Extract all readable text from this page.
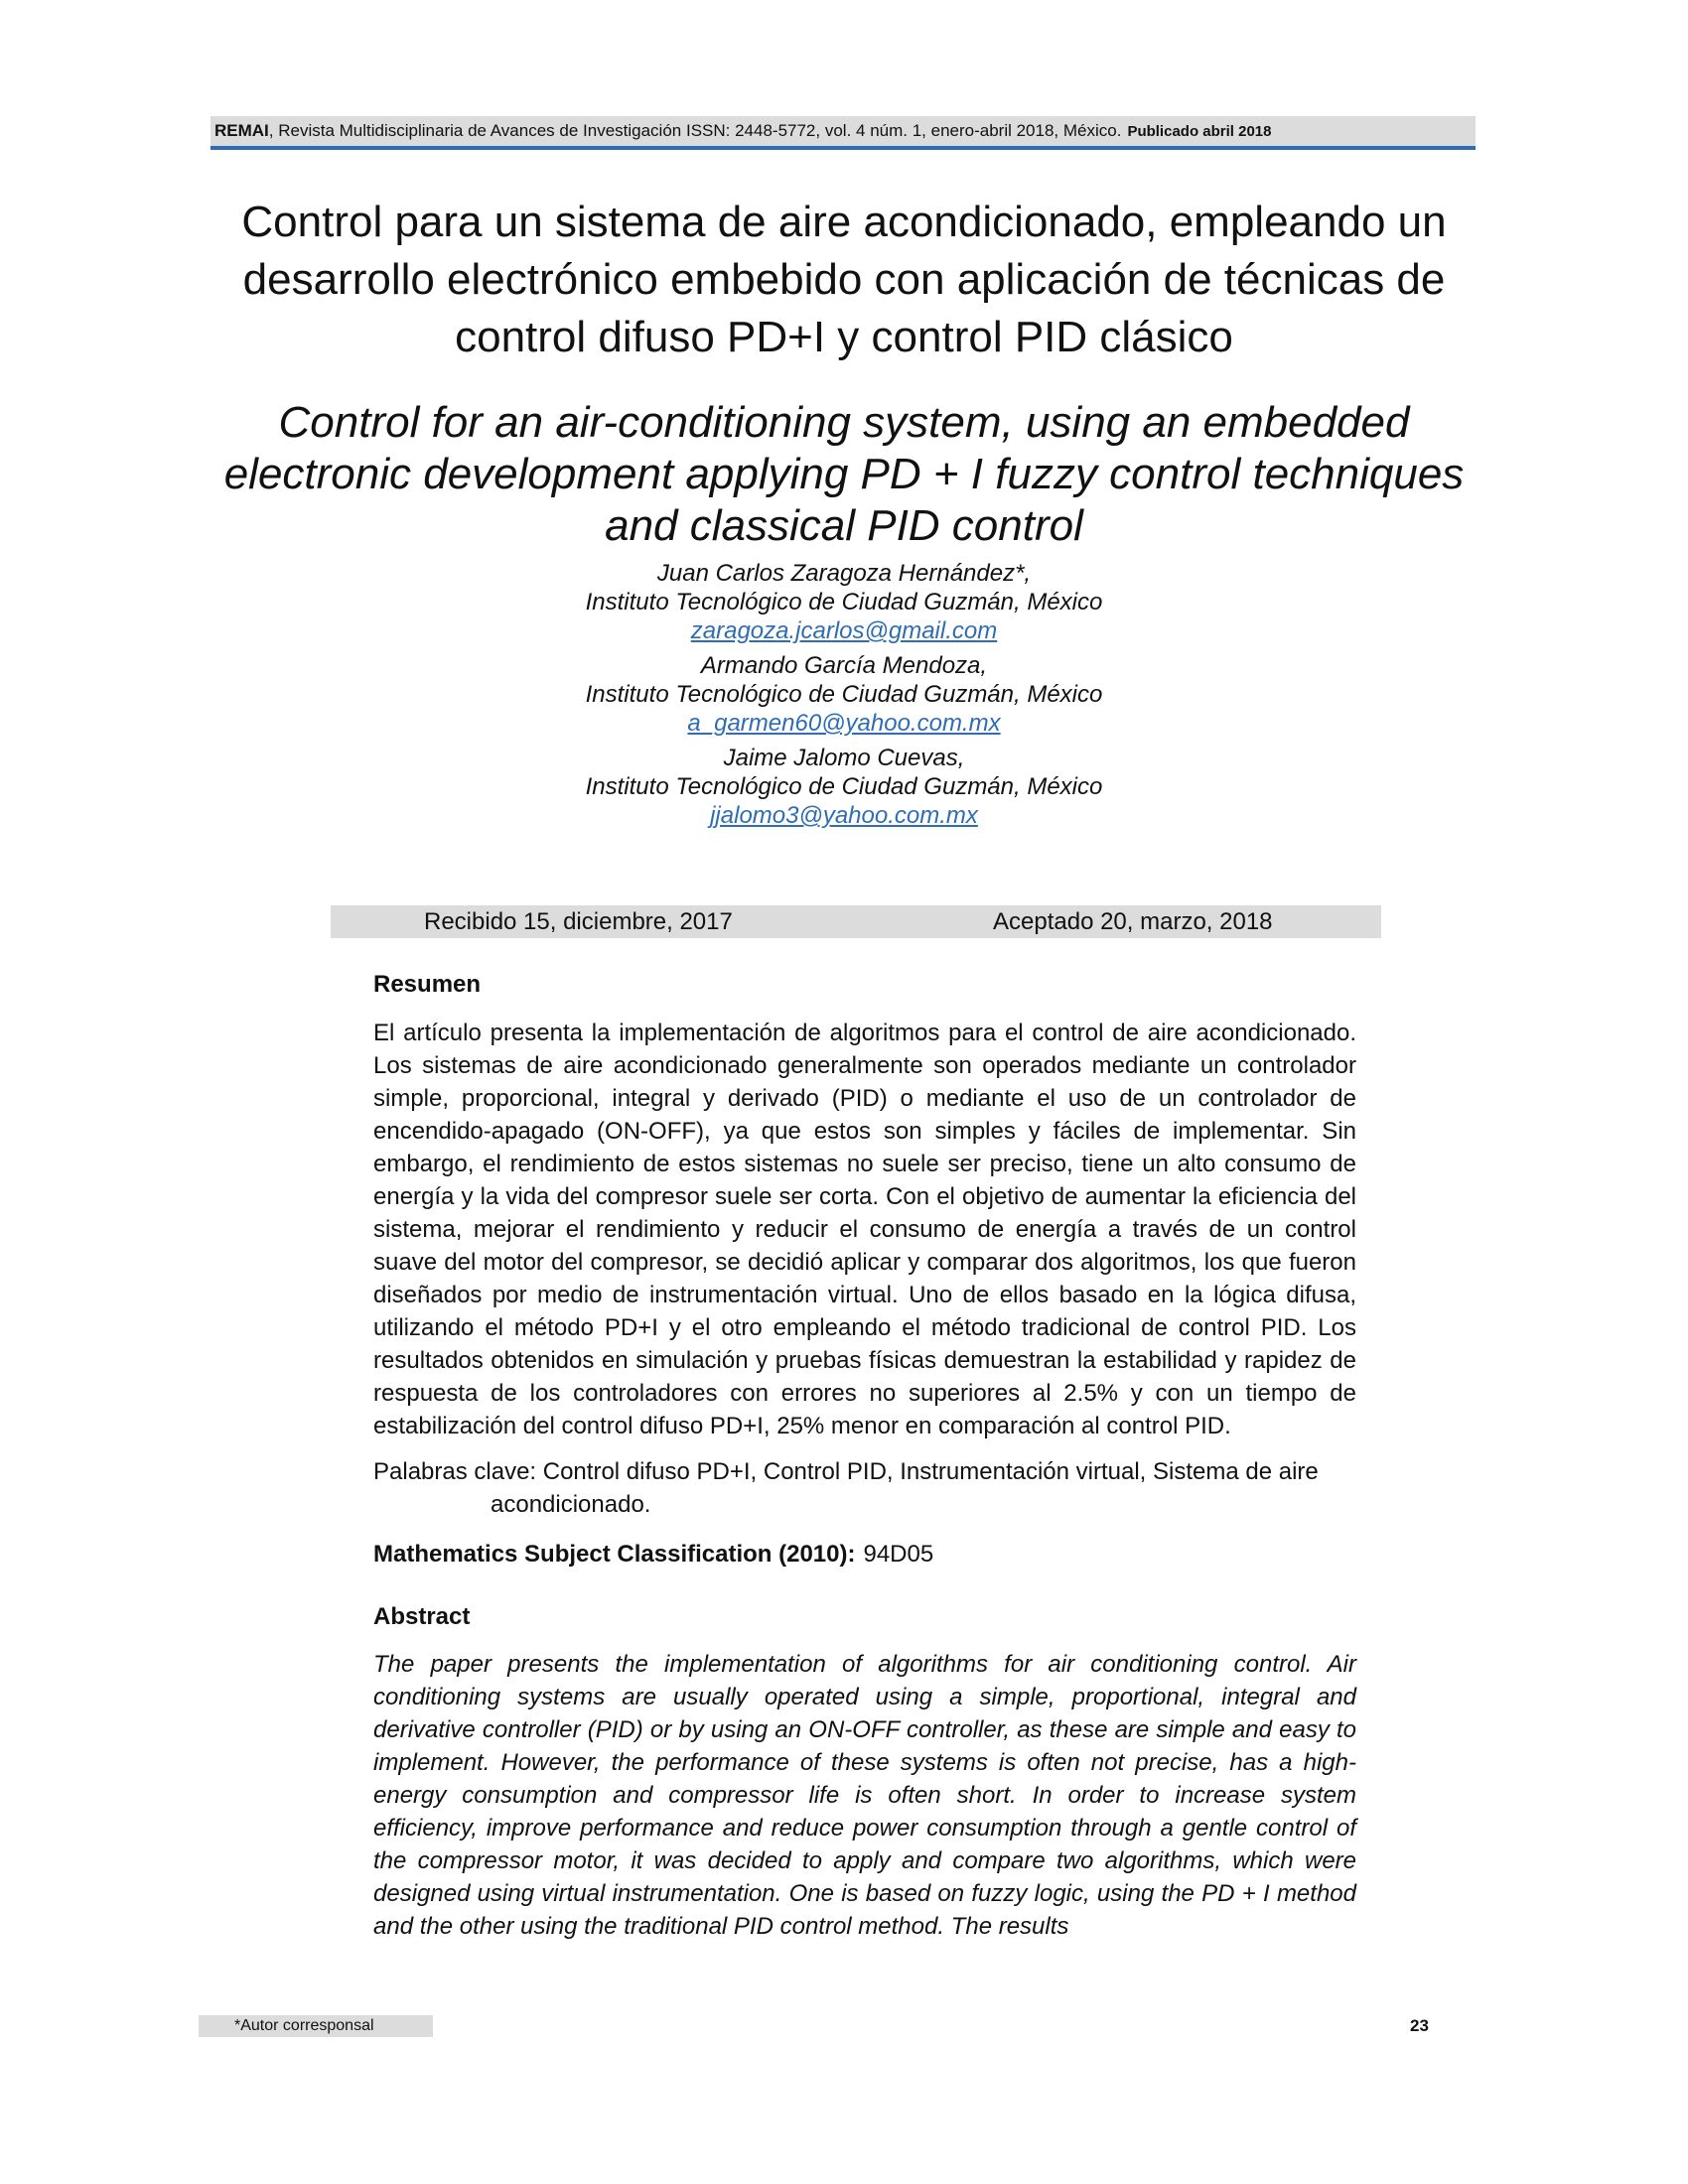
REMAI , Revista Multidisciplinaria de Avances de Investigación ISSN: 2448-5772, vol. 4 núm. 1, enero-abril 2018, México. Publicado abril 2018
Control para un sistema de aire acondicionado, empleando un
desarrollo electrónico embebido con aplicación de técnicas de
control difuso PD+I y control PID clásico
Control for an air-conditioning system, using an embedded
electronic development applying PD + I fuzzy control techniques
and classical PID control
Juan Carlos Zaragoza Hernández*,
Instituto Tecnológico de Ciudad Guzmán, México
zaragoza.jcarlos@gmail.com
Armando García Mendoza,
Instituto Tecnológico de Ciudad Guzmán, México
a_garmen60@yahoo.com.mx
Jaime Jalomo Cuevas,
Instituto Tecnológico de Ciudad Guzmán, México
jjalomo3@yahoo.com.mx
Recibido 15, diciembre, 2017	Aceptado 20, marzo, 2018
Resumen

El artículo presenta la implementación de algoritmos para el control de aire acondicionado. Los sistemas de aire acondicionado generalmente son operados mediante un controlador simple, proporcional, integral y derivado (PID) o mediante el uso de un controlador de encendido-apagado (ON-OFF), ya que estos son simples y fáciles de implementar. Sin embargo, el rendimiento de estos sistemas no suele ser preciso, tiene un alto consumo de energía y la vida del compresor suele ser corta. Con el objetivo de aumentar la eficiencia del sistema, mejorar el rendimiento y reducir el consumo de energía a través de un control suave del motor del compresor, se decidió aplicar y comparar dos algoritmos, los que fueron diseñados por medio de instrumentación virtual. Uno de ellos basado en la lógica difusa, utilizando el método PD+I y el otro empleando el método tradicional de control PID. Los resultados obtenidos en simulación y pruebas físicas demuestran la estabilidad y rapidez de respuesta de los controladores con errores no superiores al 2.5% y con un tiempo de estabilización del control difuso PD+I, 25% menor en comparación al control PID.

Palabras clave: Control difuso PD+I, Control PID, Instrumentación virtual, Sistema de aire acondicionado.

Mathematics Subject Classification (2010): 94D05

Abstract

The paper presents the implementation of algorithms for air conditioning control. Air conditioning systems are usually operated using a simple, proportional, integral and derivative controller (PID) or by using an ON-OFF controller, as these are simple and easy to implement. However, the performance of these systems is often not precise, has a high-energy consumption and compressor life is often short. In order to increase system efficiency, improve performance and reduce power consumption through a gentle control of the compressor motor, it was decided to apply and compare two algorithms, which were designed using virtual instrumentation. One is based on fuzzy logic, using the PD + I method and the other using the traditional PID control method. The results

*Autor corresponsal	23
